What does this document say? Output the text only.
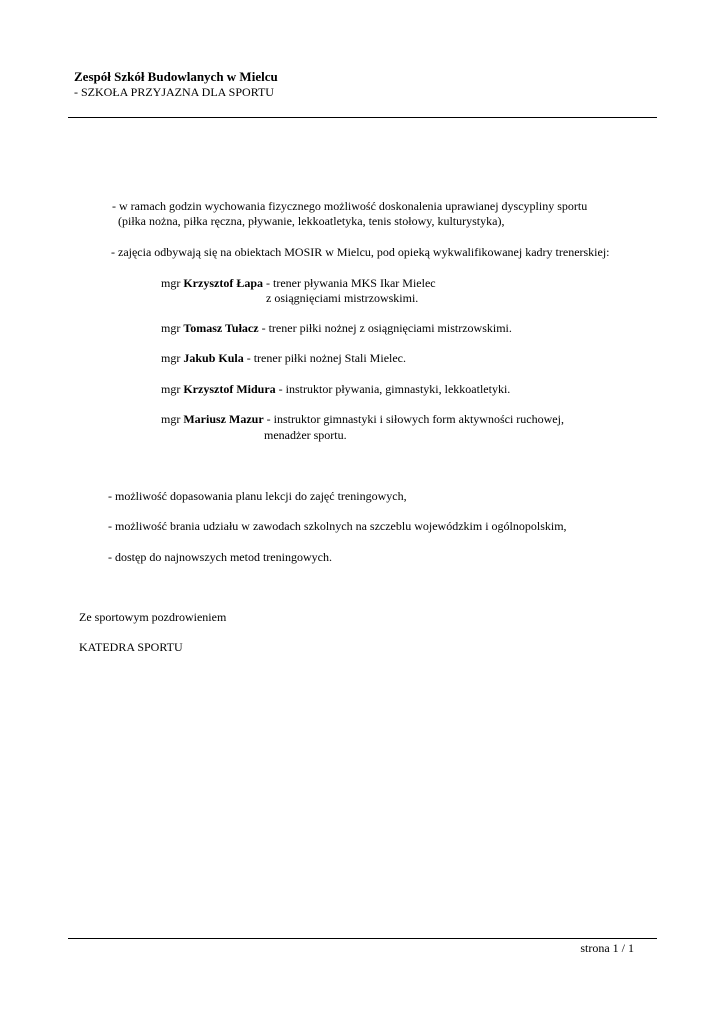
Zespół Szkół Budowlanych w Mielcu
- SZKOŁA PRZYJAZNA DLA SPORTU
- w ramach godzin wychowania fizycznego możliwość doskonalenia uprawianej dyscypliny sportu
(piłka nożna, piłka ręczna, pływanie, lekkoatletyka, tenis stołowy, kulturystyka),
- zajęcia odbywają się na obiektach MOSIR w Mielcu, pod opieką wykwalifikowanej kadry trenerskiej:
mgr Krzysztof Łapa - trener pływania MKS Ikar Mielec
z osiągnięciami mistrzowskimi.
mgr Tomasz Tułacz - trener piłki nożnej z osiągnięciami mistrzowskimi.
mgr Jakub Kula - trener piłki nożnej Stali Mielec.
mgr Krzysztof Midura - instruktor pływania, gimnastyki, lekkoatletyki.
mgr Mariusz Mazur - instruktor gimnastyki i siłowych form aktywności ruchowej,
menadżer sportu.
- możliwość dopasowania planu lekcji do zajęć treningowych,
- możliwość brania udziału w zawodach szkolnych na szczeblu wojewódzkim i ogólnopolskim,
- dostęp do najnowszych metod treningowych.
Ze sportowym pozdrowieniem
KATEDRA SPORTU
strona 1 / 1
